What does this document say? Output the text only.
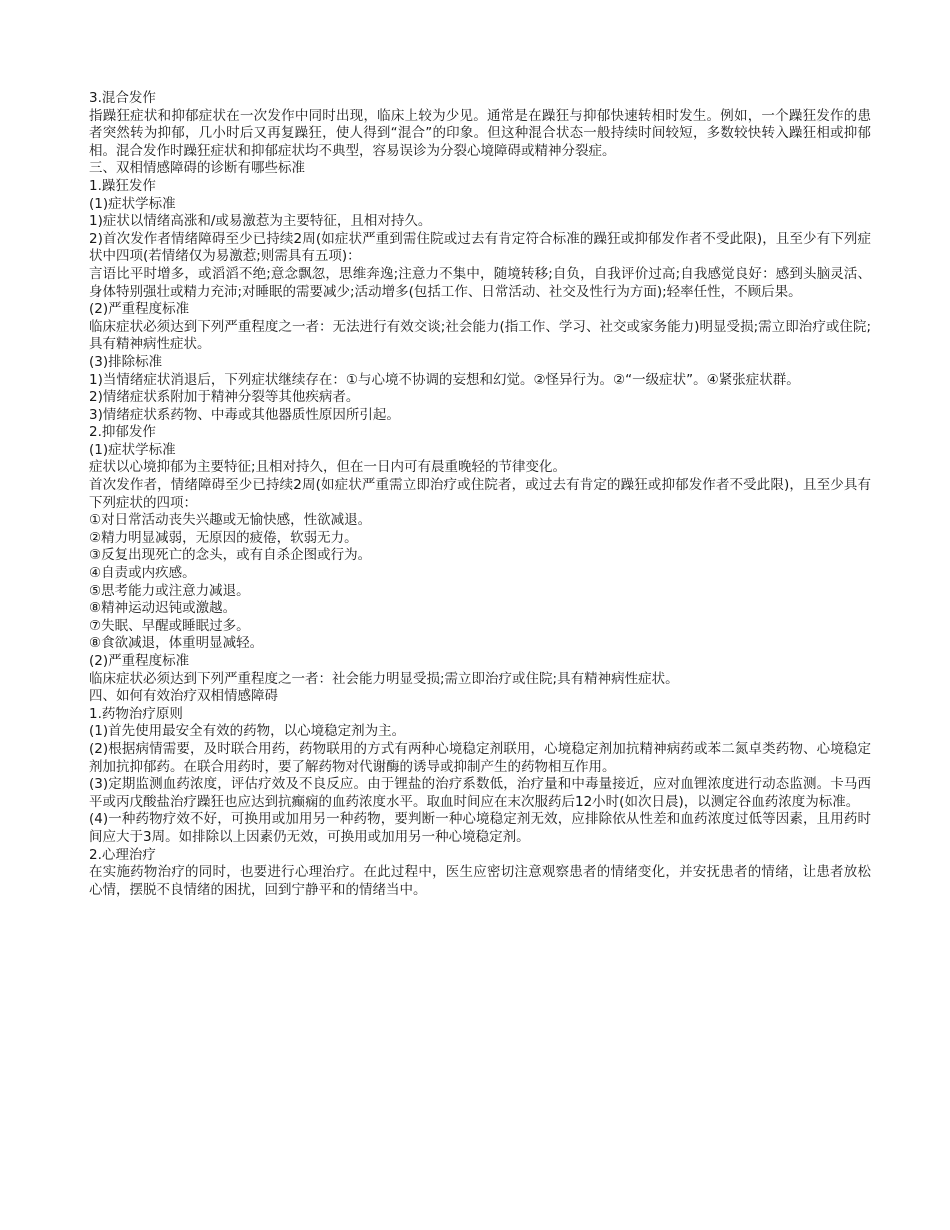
3.混合发作

指躁狂症状和抑郁症状在一次发作中同时出现，临床上较为少见。通常是在躁狂与抑郁快速转相时发生。例如，一个躁狂发作的患者突然转为抑郁，几小时后又再复躁狂，使人得到“混合”的印象。但这种混合状态一般持续时间较短，多数较快转入躁狂相或抑郁相。混合发作时躁狂症状和抑郁症状均不典型，容易误诊为分裂心境障碍或精神分裂症。

三、双相情感障碍的诊断有哪些标准

1.躁狂发作

(1)症状学标准

1)症状以情绪高涨和/或易激惹为主要特征，且相对持久。

2)首次发作者情绪障碍至少已持续2周(如症状严重到需住院或过去有肯定符合标准的躁狂或抑郁发作者不受此限)，且至少有下列症状中四项(若情绪仅为易激惹;则需具有五项)：

言语比平时增多，或滔滔不绝;意念飘忽，思维奔逸;注意力不集中，随境转移;自负，自我评价过高;自我感觉良好：感到头脑灵活、身体特别强壮或精力充沛;对睡眠的需要减少;活动增多(包括工作、日常活动、社交及性行为方面);轻率任性，不顾后果。

(2)严重程度标准

临床症状必须达到下列严重程度之一者：无法进行有效交谈;社会能力(指工作、学习、社交或家务能力)明显受损;需立即治疗或住院;具有精神病性症状。

(3)排除标准

1)当情绪症状消退后，下列症状继续存在：①与心境不协调的妄想和幻觉。②怪异行为。②“一级症状”。④紧张症状群。

2)情绪症状系附加于精神分裂等其他疾病者。

3)情绪症状系药物、中毒或其他器质性原因所引起。

2.抑郁发作

(1)症状学标准

症状以心境抑郁为主要特征;且相对持久，但在一日内可有晨重晚轻的节律变化。

首次发作者，情绪障碍至少已持续2周(如症状严重需立即治疗或住院者，或过去有肯定的躁狂或抑郁发作者不受此限)，且至少具有下列症状的四项：

①对日常活动丧失兴趣或无愉快感，性欲减退。

②精力明显减弱，无原因的疲倦，软弱无力。

③反复出现死亡的念头，或有自杀企图或行为。

④自责或内疚感。

⑤思考能力或注意力减退。

⑧精神运动迟钝或激越。

⑦失眠、早醒或睡眠过多。

⑧食欲减退，体重明显减轻。

(2)严重程度标准

临床症状必须达到下列严重程度之一者：社会能力明显受损;需立即治疗或住院;具有精神病性症状。

四、如何有效治疗双相情感障碍

1.药物治疗原则

(1)首先使用最安全有效的药物，以心境稳定剂为主。

(2)根据病情需要，及时联合用药，药物联用的方式有两种心境稳定剂联用，心境稳定剂加抗精神病药或苯二氮卓类药物、心境稳定剂加抗抑郁药。在联合用药时，要了解药物对代谢酶的诱导或抑制产生的药物相互作用。

(3)定期监测血药浓度，评估疗效及不良反应。由于锂盐的治疗系数低，治疗量和中毒量接近，应对血锂浓度进行动态监测。卡马西平或丙戊酸盐治疗躁狂也应达到抗癫痫的血药浓度水平。取血时间应在末次服药后12小时(如次日晨)，以测定谷血药浓度为标准。

(4)一种药物疗效不好，可换用或加用另一种药物，要判断一种心境稳定剂无效，应排除依从性差和血药浓度过低等因素，且用药时间应大于3周。如排除以上因素仍无效，可换用或加用另一种心境稳定剂。

2.心理治疗

在实施药物治疗的同时，也要进行心理治疗。在此过程中，医生应密切注意观察患者的情绪变化，并安抚患者的情绪，让患者放松心情，摆脱不良情绪的困扰，回到宁静平和的情绪当中。
